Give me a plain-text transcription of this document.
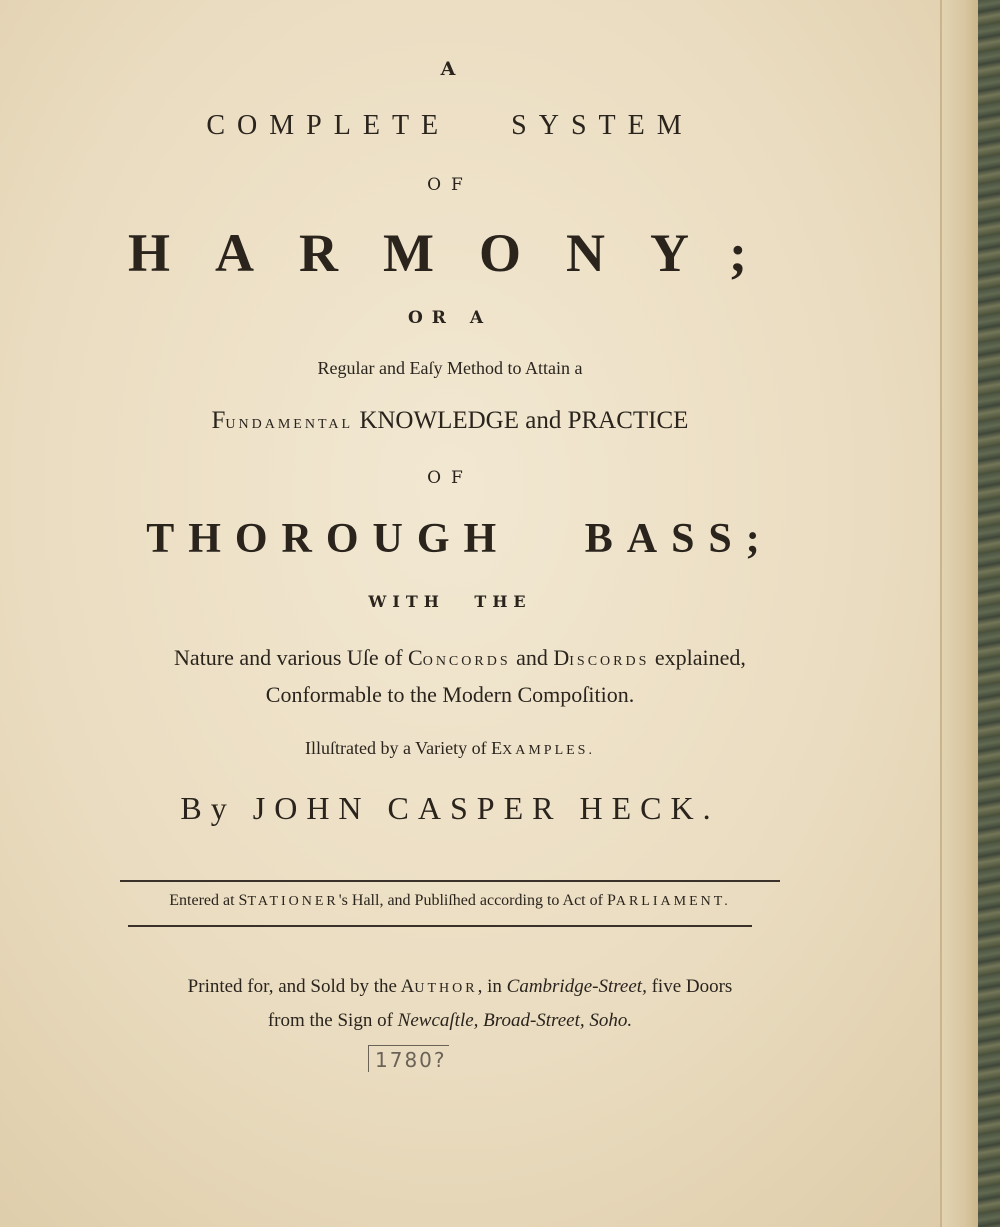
A
COMPLETE SYSTEM
OF
HARMONY;
OR A
Regular and Eaſy Method to Attain a
FUNDAMENTAL KNOWLEDGE and PRACTICE
OF
THOROUGH BASS;
WITH THE
Nature and various Uſe of CONCORDS and DISCORDS explained,
Conformable to the Modern Compoſition.
Illuſtrated by a Variety of EXAMPLES.
By JOHN CASPER HECK.
Entered at STATIONER's Hall, and Publiſhed according to Act of PARLIAMENT.
Printed for, and Sold by the AUTHOR, in Cambridge-Street, five Doors
from the Sign of Newcaſtle, Broad-Street, Soho.
1780?
